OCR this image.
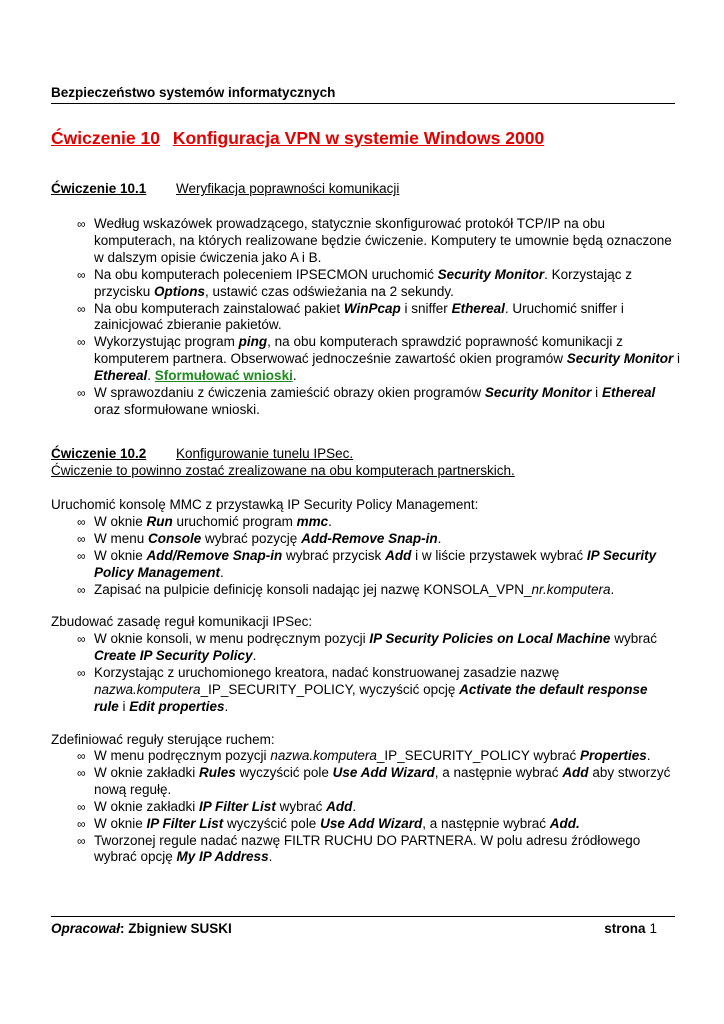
Bezpieczeństwo systemów informatycznych
Ćwiczenie 10 Konfiguracja VPN w systemie Windows 2000
Ćwiczenie 10.1 Weryfikacja poprawności komunikacji
∞ Według wskazówek prowadzącego, statycznie skonfigurować protokół TCP/IP na obu komputerach, na których realizowane będzie ćwiczenie. Komputery te umownie będą oznaczone w dalszym opisie ćwiczenia jako A i B.
∞ Na obu komputerach poleceniem IPSECMON uruchomić Security Monitor. Korzystając z przycisku Options, ustawić czas odświeżania na 2 sekundy.
∞ Na obu komputerach zainstalować pakiet WinPcap i sniffer Ethereal. Uruchomić sniffer i zainicjować zbieranie pakietów.
∞ Wykorzystując program ping, na obu komputerach sprawdzić poprawność komunikacji z komputerem partnera. Obserwować jednocześnie zawartość okien programów Security Monitor i Ethereal. Sformułować wnioski.
∞ W sprawozdaniu z ćwiczenia zamieścić obrazy okien programów Security Monitor i Ethereal oraz sformułowane wnioski.
Ćwiczenie 10.2 Konfigurowanie tunelu IPSec.
Ćwiczenie to powinno zostać zrealizowane na obu komputerach partnerskich.
Uruchomić konsolę MMC z przystawką IP Security Policy Management:
∞ W oknie Run uruchomić program mmc.
∞ W menu Console wybrać pozycję Add-Remove Snap-in.
∞ W oknie Add/Remove Snap-in wybrać przycisk Add i w liście przystawek wybrać IP Security Policy Management.
∞ Zapisać na pulpicie definicję konsoli nadając jej nazwę KONSOLA_VPN_nr.komputera.
Zbudować zasadę reguł komunikacji IPSec:
∞ W oknie konsoli, w menu podręcznym pozycji IP Security Policies on Local Machine wybrać Create IP Security Policy.
∞ Korzystając z uruchomionego kreatora, nadać konstruowanej zasadzie nazwę nazwa.komputera_IP_SECURITY_POLICY, wyczyścić opcję Activate the default response rule i Edit properties.
Zdefiniować reguły sterujące ruchem:
∞ W menu podręcznym pozycji nazwa.komputera_IP_SECURITY_POLICY wybrać Properties.
∞ W oknie zakładki Rules wyczyścić pole Use Add Wizard, a następnie wybrać Add aby stworzyć nową regułę.
∞ W oknie zakładki IP Filter List wybrać Add.
∞ W oknie IP Filter List wyczyścić pole Use Add Wizard, a następnie wybrać Add.
∞ Tworzonej regule nadać nazwę FILTR RUCHU DO PARTNERA. W polu adresu źródłowego wybrać opcję My IP Address.
Opracował: Zbigniew SUSKI	strona 1
